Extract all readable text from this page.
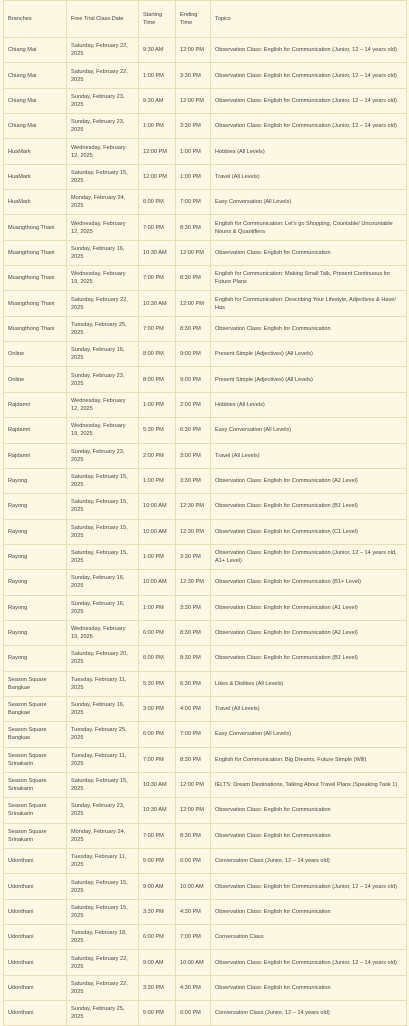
Branches	Free Trial Class Date	Starting Time	Ending Time	Topics
Chiang Mai	Saturday, February 22, 2025	9:30 AM	12:00 PM	Observation Class: English for Communication (Junior, 12 – 14 years old)
Chiang Mai	Saturday, February 22, 2025	1:00 PM	3:30 PM	Observation Class: English for Communication (Junior, 12 – 14 years old)
Chiang Mai	Sunday, February 23, 2025	9:30 AM	12:00 PM	Observation Class: English for Communication (Junior, 12 – 14 years old)
Chiang Mai	Sunday, February 23, 2025	1:00 PM	3:30 PM	Observation Class: English for Communication (Junior, 12 – 14 years old)
HuaMark	Wednesday, February 12, 2025	12:00 PM	1:00 PM	Hobbies (All Levels)
HuaMark	Saturday, February 15, 2025	12:00 PM	1:00 PM	Travel (All Levels)
HuaMark	Monday, February 24, 2025	6:00 PM	7:00 PM	Easy Conversation (All Levels)
Muangthong Thani	Wednesday, February 12, 2025	7:00 PM	8:30 PM	English for Communication: Let’s go Shopping, Countable/ Uncountable Nouns & Quantifiers
Muangthong Thani	Sunday, February 16, 2025	10:30 AM	12:00 PM	Observation Class: English for Communication
Muangthong Thani	Wednesday, February 19, 2025	7:00 PM	8:30 PM	English for Communication: Making Small Talk, Present Continuous for Future Plans
Muangthong Thani	Saturday, February 22, 2025	10:30 AM	12:00 PM	English for Communication: Describing Your Lifestyle, Adjectives & Have/ Has
Muangthong Thani	Tuesday, February 25, 2025	7:00 PM	8:30 PM	Observation Class: English for Communication
Online	Sunday, February 16, 2025	8:00 PM	9:00 PM	Present Simple (Adjectives) (All Levels)
Online	Sunday, February 23, 2025	8:00 PM	9:00 PM	Present Simple (Adjectives) (All Levels)
Rajdamri	Wednesday, February 12, 2025	1:00 PM	2:00 PM	Hobbies (All Levels)
Rajdamri	Wednesday, February 19, 2025	5:30 PM	6:30 PM	Easy Conversation (All Levels)
Rajdamri	Sunday, February 23, 2025	2:00 PM	3:00 PM	Travel (All Levels)
Rayong	Saturday, February 15, 2025	1:00 PM	3:30 PM	Observation Class: English for Communication (A2 Level)
Rayong	Saturday, February 15, 2025	10:00 AM	12:30 PM	Observation Class: English for Communication (B1 Level)
Rayong	Saturday, February 15, 2025	10:00 AM	12:30 PM	Observation Class: English for Communication (C1 Level)
Rayong	Saturday, February 15, 2025	1:00 PM	3:30 PM	Observation Class: English for Communication (Junior, 12 – 14 years old, A1+ Level)
Rayong	Sunday, February 16, 2025	10:00 AM	12:30 PM	Observation Class: English for Communication (B1+ Level)
Rayong	Sunday, February 16, 2025	1:00 PM	3:30 PM	Observation Class: English for Communication (A1 Level)
Rayong	Wednesday, February 19, 2025	6:00 PM	8:30 PM	Observation Class: English for Communication (A2 Level)
Rayong	Saturday, February 20, 2025	6:00 PM	8:30 PM	Observation Class: English for Communication (B1 Level)
Season Square Bangkae	Tuesday, February 11, 2025	5:30 PM	6:30 PM	Likes & Dislikes (All Levels)
Season Square Bangkae	Sunday, February 16, 2025	3:00 PM	4:00 PM	Travel (All Levels)
Season Square Bangkae	Tuesday, February 25, 2025	6:00 PM	7:00 PM	Easy Conversation (All Levels)
Season Square Srinakarin	Tuesday, February 11, 2025	7:00 PM	8:30 PM	English for Communication: Big Dreams, Future Simple (Will)
Season Square Srinakarin	Saturday, February 15, 2025	10:30 AM	12:00 PM	IELTS: Dream Destinations, Talking About Travel Plans (Speaking Task 1)
Season Square Srinakarin	Sunday, February 23, 2025	10:30 AM	12:00 PM	Observation Class: English for Communication
Season Square Srinakarin	Monday, February 24, 2025	7:00 PM	8:30 PM	Observation Class: English for Communication
Udonthani	Tuesday, February 11, 2025	5:00 PM	6:00 PM	Conversation Class (Junior, 12 – 14 years old)
Udonthani	Saturday, February 15, 2025	9:00 AM	10:00 AM	Observation Class: English for Communication (Junior, 12 – 14 years old)
Udonthani	Saturday, February 15, 2025	3:30 PM	4:30 PM	Observation Class: English for Communication
Udonthani	Tuesday, February 18, 2025	6:00 PM	7:00 PM	Conversation Class
Udonthani	Saturday, February 22, 2025	9:00 AM	10:00 AM	Observation Class: English for Communication (Junior, 12 – 14 years old)
Udonthani	Saturday, February 22, 2025	3:30 PM	4:30 PM	Observation Class: English for Communication
Udonthani	Sunday, February 25, 2025	5:00 PM	6:00 PM	Conversation Class (Junior, 12 – 14 years old)
